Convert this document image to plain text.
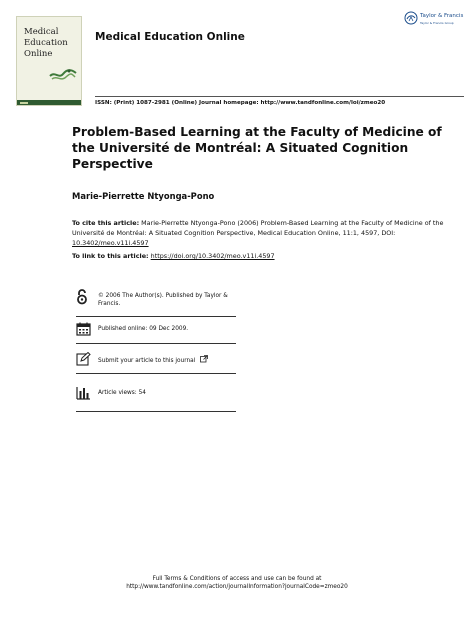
Medical
Education
Online
Medical Education Online
Taylor & Francis
Taylor & Francis Group
ISSN: (Print) 1087-2981 (Online) Journal homepage: http://www.tandfonline.com/loi/zmeo20
Problem-Based Learning at the Faculty of Medicine of the Université de Montréal: A Situated Cognition Perspective
Marie-Pierrette Ntyonga-Pono
To cite this article: Marie-Pierrette Ntyonga-Pono (2006) Problem-Based Learning at the Faculty of Medicine of the Université de Montréal: A Situated Cognition Perspective, Medical Education Online, 11:1, 4597, DOI: 10.3402/meo.v11i.4597
To link to this article: https://doi.org/10.3402/meo.v11i.4597
© 2006 The Author(s). Published by Taylor & Francis.
Published online: 09 Dec 2009.
Submit your article to this journal
Article views: 54
Full Terms & Conditions of access and use can be found at
http://www.tandfonline.com/action/journalInformation?journalCode=zmeo20
